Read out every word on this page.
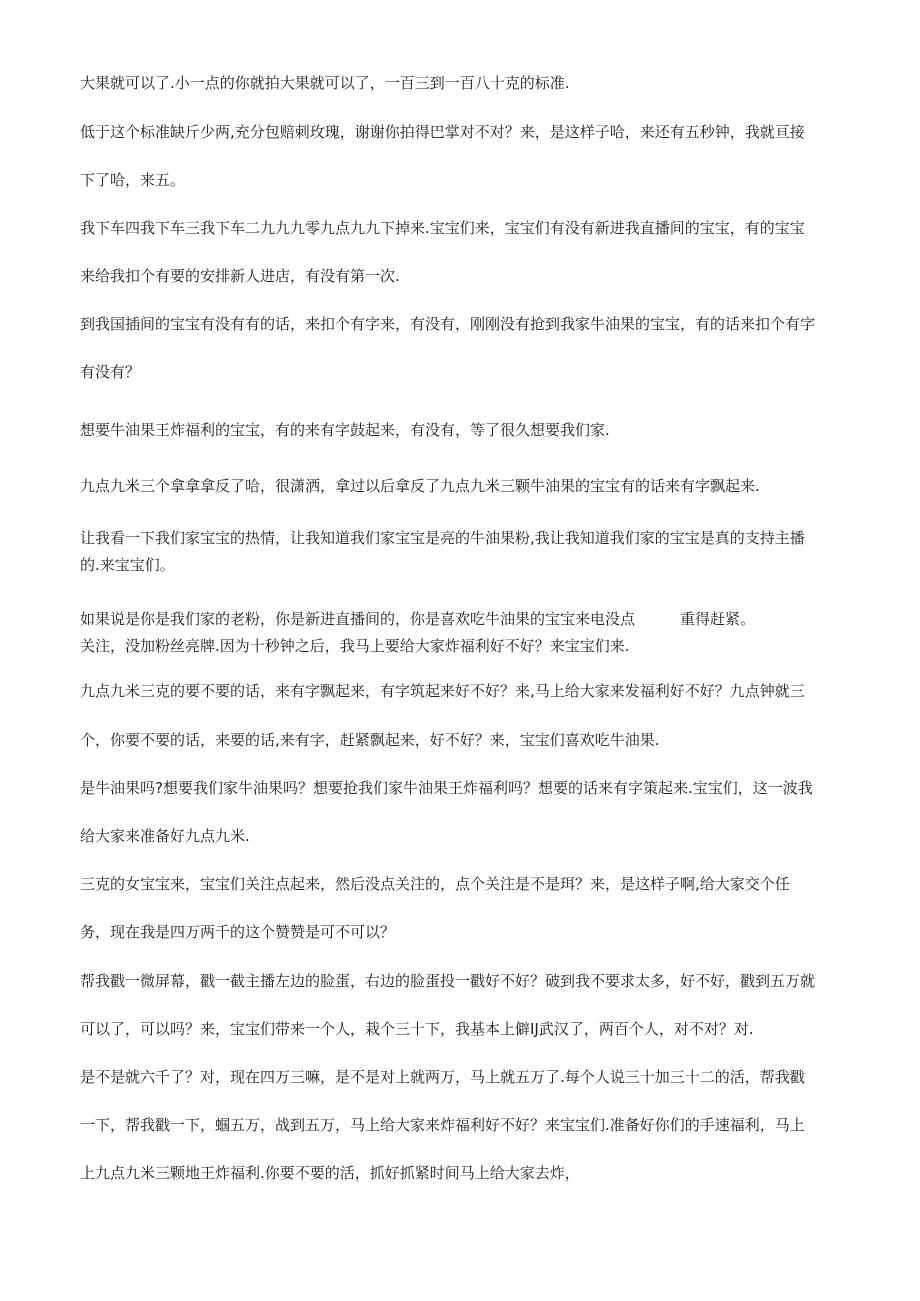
大果就可以了.小一点的你就拍大果就可以了，一百三到一百八十克的标准.
低于这个标准缺斤少两,充分包赔刺玫瑰，谢谢你拍得巴掌对不对？来，是这样子哈，来还有五秒钟，我就亘接
下了哈，来五。
我下车四我下车三我下车二九九九零九点九九下掉来.宝宝们来，宝宝们有没有新进我直播间的宝宝，有的宝宝
来给我扣个有要的安排新人进店，有没有第一次.
到我国插间的宝宝有没有有的话，来扣个有字来，有没有，刚刚没有抢到我家牛油果的宝宝，有的话来扣个有字
有没有？
想要牛油果王炸福利的宝宝，有的来有字鼓起来，有没有，等了很久想要我们家.
九点九米三个拿拿拿反了哈，很潇洒，拿过以后拿反了九点九米三颗牛油果的宝宝有的话来有字飘起来.
让我看一下我们家宝宝的热情，让我知道我们家宝宝是亮的牛油果粉,我让我知道我们家的宝宝是真的支持主播
的.来宝宝们。
如果说是你是我们家的老粉，你是新进直播间的，你是喜欢吃牛油果的宝宝来电没点	重得赶紧。
关注，没加粉丝亮牌.因为十秒钟之后，我马上要给大家炸福利好不好？来宝宝们来.
九点九米三克的要不要的话，来有字飘起来，有字筑起来好不好？来,马上给大家来发福利好不好？九点钟就三
个，你要不要的话，来要的话,来有字，赶紧飘起来，好不好？来，宝宝们喜欢吃牛油果.
是牛油果吗?想要我们家牛油果吗？想要抢我们家牛油果王炸福利吗？想要的话来有字策起来.宝宝们，这一波我
给大家来准备好九点九米.
三克的女宝宝来，宝宝们关注点起来，然后没点关注的，点个关注是不是珥？来，是这样子啊,给大家交个任
务，现在我是四万两千的这个赞赞是可不可以？
帮我戳一微屏幕，戳一截主播左边的脸蛋，右边的脸蛋投一戳好不好？破到我不要求太多，好不好，戳到五万就
可以了，可以吗？来，宝宝们带来一个人，栽个三十下，我基本上僻IJ武汉了，两百个人，对不对？对.
是不是就六千了？对，现在四万三嘛，是不是对上就两万，马上就五万了.每个人说三十加三十二的活，帮我戳
一下，帮我戳一下，蝈五万，战到五万，马上给大家来炸福利好不好？来宝宝们.准备好你们的手速福利，马上
上九点九米三颗地王炸福利.你要不要的活，抓好抓紧时间马上给大家去炸，
